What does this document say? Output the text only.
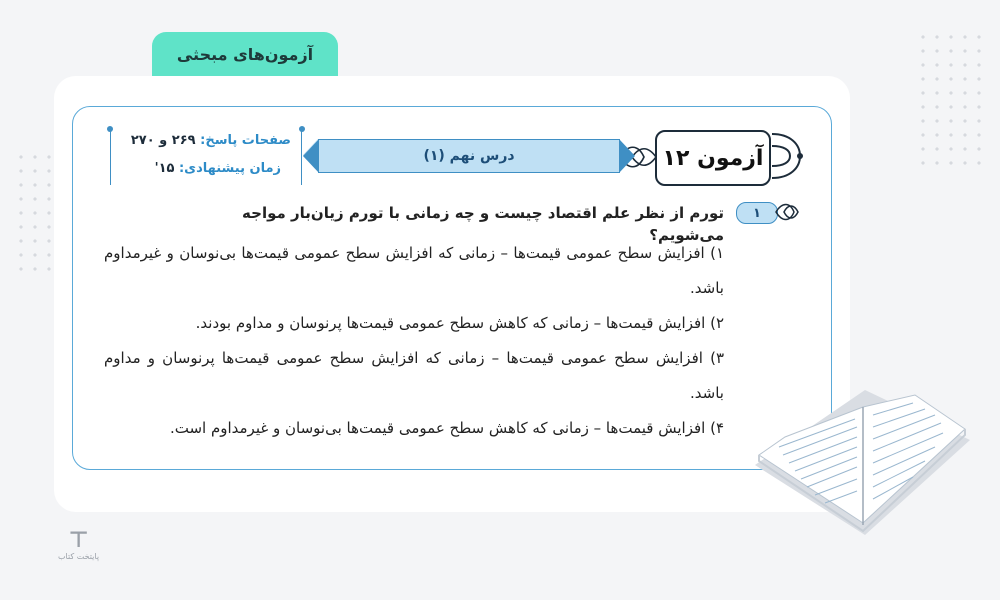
آزمون‌های مبحثی
آزمون ۱۲
درس نهم (۱)
صفحات پاسخ: ۲۶۹ و ۲۷۰
زمان پیشنهادی: ۱۵'
۱
تورم از نظر علم اقتصاد چیست و چه زمانی با تورم زیان‌بار مواجه می‌شویم؟

۱) افزایش سطح عمومی قیمت‌ها – زمانی که افزایش سطح عمومی قیمت‌ها بی‌نوسان و غیرمداوم باشد.

۲) افزایش قیمت‌ها – زمانی که کاهش سطح عمومی قیمت‌ها پرنوسان و مداوم بودند.

۳) افزایش سطح عمومی قیمت‌ها – زمانی که افزایش سطح عمومی قیمت‌ها پرنوسان و مداوم باشد.

۴) افزایش قیمت‌ها – زمانی که کاهش سطح عمومی قیمت‌ها بی‌نوسان و غیرمداوم است.

⊤
پایتخت کتاب
